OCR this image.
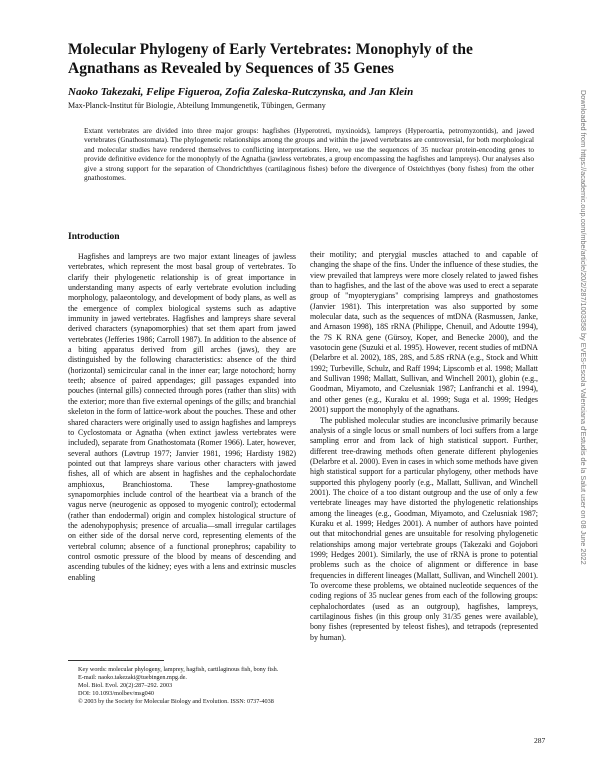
Molecular Phylogeny of Early Vertebrates: Monophyly of the Agnathans as Revealed by Sequences of 35 Genes
Naoko Takezaki, Felipe Figueroa, Zofia Zaleska-Rutczynska, and Jan Klein
Max-Planck-Institut für Biologie, Abteilung Immungenetik, Tübingen, Germany
Extant vertebrates are divided into three major groups: hagfishes (Hyperotreti, myxinoids), lampreys (Hyperoartia, petromyzontids), and jawed vertebrates (Gnathostomata). The phylogenetic relationships among the groups and within the jawed vertebrates are controversial, for both morphological and molecular studies have rendered themselves to conflicting interpretations. Here, we use the sequences of 35 nuclear protein-encoding genes to provide definitive evidence for the monophyly of the Agnatha (jawless vertebrates, a group encompassing the hagfishes and lampreys). Our analyses also give a strong support for the separation of Chondrichthyes (cartilaginous fishes) before the divergence of Osteichthyes (bony fishes) from the other gnathostomes.
Introduction

Hagfishes and lampreys are two major extant lineages of jawless vertebrates, which represent the most basal group of vertebrates. To clarify their phylogenetic relationship is of great importance in understanding many aspects of early vertebrate evolution including morphology, palaeontology, and development of body plans, as well as the emergence of complex biological systems such as adaptive immunity in jawed vertebrates. Hagfishes and lampreys share several derived characters (synapomorphies) that set them apart from jawed vertebrates (Jefferies 1986; Carroll 1987). In addition to the absence of a biting apparatus derived from gill arches (jaws), they are distinguished by the following characteristics: absence of the third (horizontal) semicircular canal in the inner ear; large notochord; horny teeth; absence of paired appendages; gill passages expanded into pouches (internal gills) connected through pores (rather than slits) with the exterior; more than five external openings of the gills; and branchial skeleton in the form of lattice-work about the pouches. These and other shared characters were originally used to assign hagfishes and lampreys to Cyclostomata or Agnatha (when extinct jawless vertebrates were included), separate from Gnathostomata (Romer 1966). Later, however, several authors (Løvtrup 1977; Janvier 1981, 1996; Hardisty 1982) pointed out that lampreys share various other characters with jawed fishes, all of which are absent in hagfishes and the cephalochordate amphioxus, Branchiostoma. These lamprey-gnathostome synapomorphies include control of the heartbeat via a branch of the vagus nerve (neurogenic as opposed to myogenic control); ectodermal (rather than endodermal) origin and complex histological structure of the adenohypophysis; presence of arcualia—small irregular cartilages on either side of the dorsal nerve cord, representing elements of the vertebral column; absence of a functional pronephros; capability to control osmotic pressure of the blood by means of descending and ascending tubules of the kidney; eyes with a lens and extrinsic muscles enabling

their motility; and pterygial muscles attached to and capable of changing the shape of the fins. Under the influence of these studies, the view prevailed that lampreys were more closely related to jawed fishes than to hagfishes, and the last of the above was used to erect a separate group of "myopterygians" comprising lampreys and gnathostomes (Janvier 1981). This interpretation was also supported by some molecular data, such as the sequences of mtDNA (Rasmussen, Janke, and Arnason 1998), 18S rRNA (Philippe, Chenuil, and Adoutte 1994), the 7S K RNA gene (Gürsoy, Koper, and Benecke 2000), and the vasotocin gene (Suzuki et al. 1995). However, recent studies of mtDNA (Delarbre et al. 2002), 18S, 28S, and 5.8S rRNA (e.g., Stock and Whitt 1992; Turbeville, Schulz, and Raff 1994; Lipscomb et al. 1998; Mallatt and Sullivan 1998; Mallatt, Sullivan, and Winchell 2001), globin (e.g., Goodman, Miyamoto, and Czelusniak 1987; Lanfranchi et al. 1994), and other genes (e.g., Kuraku et al. 1999; Suga et al. 1999; Hedges 2001) support the monophyly of the agnathans.

The published molecular studies are inconclusive primarily because analysis of a single locus or small numbers of loci suffers from a large sampling error and from lack of high statistical support. Further, different tree-drawing methods often generate different phylogenies (Delarbre et al. 2000). Even in cases in which some methods have given high statistical support for a particular phylogeny, other methods have supported this phylogeny poorly (e.g., Mallatt, Sullivan, and Winchell 2001). The choice of a too distant outgroup and the use of only a few vertebrate lineages may have distorted the phylogenetic relationships among the lineages (e.g., Goodman, Miyamoto, and Czelusniak 1987; Kuraku et al. 1999; Hedges 2001). A number of authors have pointed out that mitochondrial genes are unsuitable for resolving phylogenetic relationships among major vertebrate groups (Takezaki and Gojobori 1999; Hedges 2001). Similarly, the use of rRNA is prone to potential problems such as the choice of alignment or difference in base frequencies in different lineages (Mallatt, Sullivan, and Winchell 2001). To overcome these problems, we obtained nucleotide sequences of the coding regions of 35 nuclear genes from each of the following groups: cephalochordates (used as an outgroup), hagfishes, lampreys, cartilaginous fishes (in this group only 31/35 genes were available), bony fishes (represented by teleost fishes), and tetrapods (represented by human).

Key words: molecular phylogeny, lamprey, hagfish, cartilaginous fish, bony fish.
E-mail: naoko.takezaki@tuebingen.mpg.de.
Mol. Biol. Evol. 20(2):287–292. 2003
DOI: 10.1093/molbev/msg040
© 2003 by the Society for Molecular Biology and Evolution. ISSN: 0737-4038
287
Downloaded from https://academic.oup.com/mbe/article/20/2/287/1003358 by EVES-Escola Valenciana d'Estudis de la Salut user on 08 June 2022
